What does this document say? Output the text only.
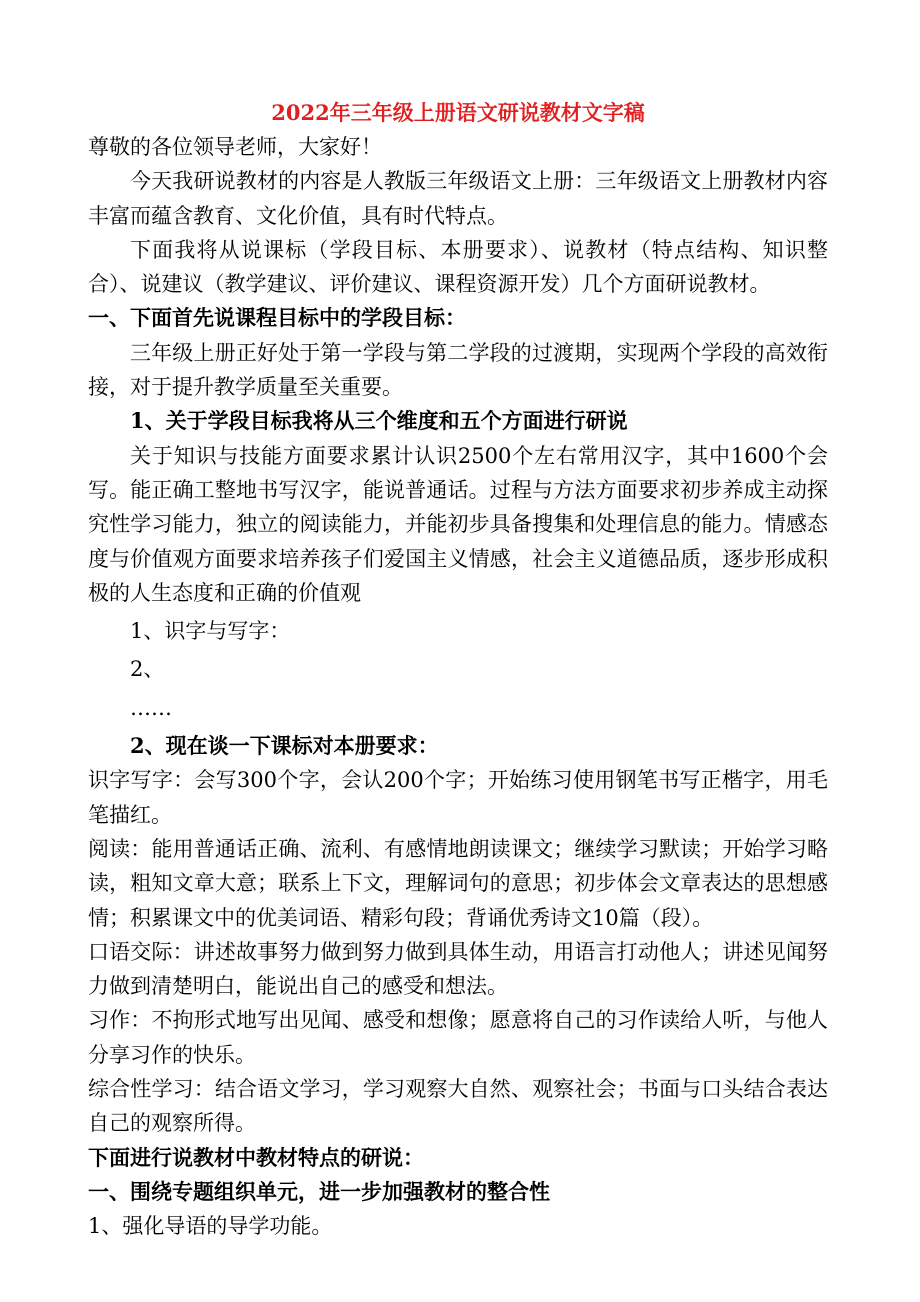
2022年三年级上册语文研说教材文字稿

尊敬的各位领导老师，大家好！

今天我研说教材的内容是人教版三年级语文上册：三年级语文上册教材内容丰富而蕴含教育、文化价值，具有时代特点。

下面我将从说课标（学段目标、本册要求）、说教材（特点结构、知识整合）、说建议（教学建议、评价建议、课程资源开发）几个方面研说教材。

一、下面首先说课程目标中的学段目标：

三年级上册正好处于第一学段与第二学段的过渡期，实现两个学段的高效衔接，对于提升教学质量至关重要。

1、关于学段目标我将从三个维度和五个方面进行研说

关于知识与技能方面要求累计认识2500个左右常用汉字，其中1600个会写。能正确工整地书写汉字，能说普通话。过程与方法方面要求初步养成主动探究性学习能力，独立的阅读能力，并能初步具备搜集和处理信息的能力。情感态度与价值观方面要求培养孩子们爱国主义情感，社会主义道德品质，逐步形成积极的人生态度和正确的价值观

1、识字与写字：

2、

……

2、现在谈一下课标对本册要求：

识字写字：会写300个字，会认200个字；开始练习使用钢笔书写正楷字，用毛笔描红。

阅读：能用普通话正确、流利、有感情地朗读课文；继续学习默读；开始学习略读，粗知文章大意；联系上下文，理解词句的意思；初步体会文章表达的思想感情；积累课文中的优美词语、精彩句段；背诵优秀诗文10篇（段）。

口语交际：讲述故事努力做到努力做到具体生动，用语言打动他人；讲述见闻努力做到清楚明白，能说出自己的感受和想法。

习作：不拘形式地写出见闻、感受和想像；愿意将自己的习作读给人听，与他人分享习作的快乐。

综合性学习：结合语文学习，学习观察大自然、观察社会；书面与口头结合表达自己的观察所得。

下面进行说教材中教材特点的研说：

一、围绕专题组织单元，进一步加强教材的整合性

1、强化导语的导学功能。
